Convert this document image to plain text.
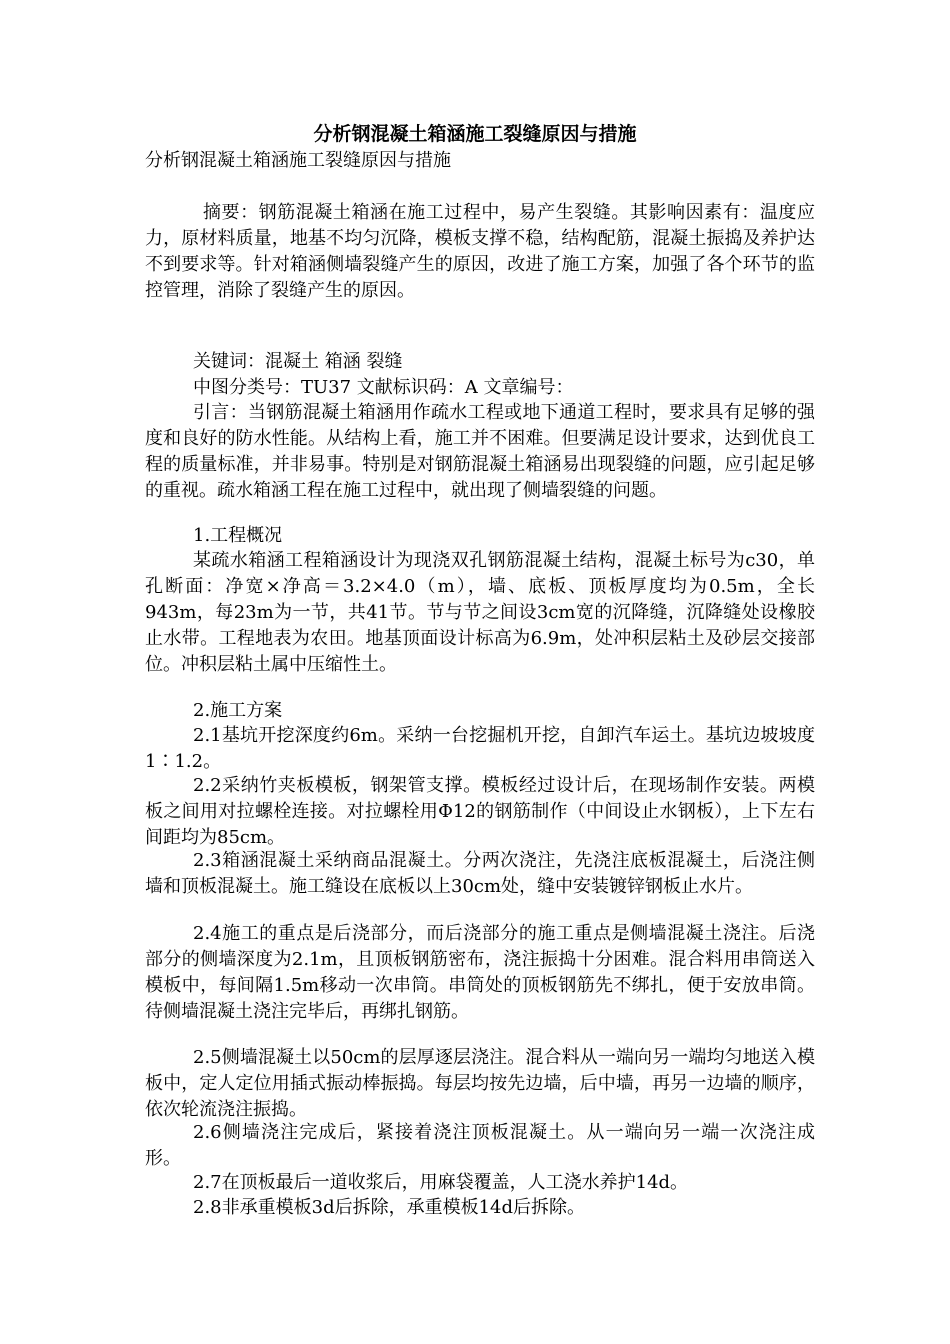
分析钢混凝土箱涵施工裂缝原因与措施

分析钢混凝土箱涵施工裂缝原因与措施

摘要：钢筋混凝土箱涵在施工过程中，易产生裂缝。其影响因素有：温度应力，原材料质量，地基不均匀沉降，模板支撑不稳，结构配筋，混凝土振捣及养护达不到要求等。针对箱涵侧墙裂缝产生的原因，改进了施工方案，加强了各个环节的监控管理，消除了裂缝产生的原因。

关键词：混凝土 箱涵 裂缝

中图分类号：TU37 文献标识码：A 文章编号：

引言：当钢筋混凝土箱涵用作疏水工程或地下通道工程时，要求具有足够的强度和良好的防水性能。从结构上看，施工并不困难。但要满足设计要求，达到优良工程的质量标准，并非易事。特别是对钢筋混凝土箱涵易出现裂缝的问题，应引起足够的重视。疏水箱涵工程在施工过程中，就出现了侧墙裂缝的问题。

1.工程概况

某疏水箱涵工程箱涵设计为现浇双孔钢筋混凝土结构，混凝土标号为c30，单孔断面：净宽×净高＝3.2×4.0（m），墙、底板、顶板厚度均为0.5m，全长943m，每23m为一节，共41节。节与节之间设3cm宽的沉降缝，沉降缝处设橡胶止水带。工程地表为农田。地基顶面设计标高为6.9m，处冲积层粘土及砂层交接部位。冲积层粘土属中压缩性土。

2.施工方案

2.1基坑开挖深度约6m。采纳一台挖掘机开挖，自卸汽车运土。基坑边坡坡度1∶1.2。

2.2采纳竹夹板模板，钢架管支撑。模板经过设计后，在现场制作安装。两模板之间用对拉螺栓连接。对拉螺栓用Φ12的钢筋制作（中间设止水钢板），上下左右间距均为85cm。

2.3箱涵混凝土采纳商品混凝土。分两次浇注，先浇注底板混凝土，后浇注侧墙和顶板混凝土。施工缝设在底板以上30cm处，缝中安装镀锌钢板止水片。

2.4施工的重点是后浇部分，而后浇部分的施工重点是侧墙混凝土浇注。后浇部分的侧墙深度为2.1m，且顶板钢筋密布，浇注振捣十分困难。混合料用串筒送入模板中，每间隔1.5m移动一次串筒。串筒处的顶板钢筋先不绑扎，便于安放串筒。待侧墙混凝土浇注完毕后，再绑扎钢筋。

2.5侧墙混凝土以50cm的层厚逐层浇注。混合料从一端向另一端均匀地送入模板中，定人定位用插式振动棒振捣。每层均按先边墙，后中墙，再另一边墙的顺序，依次轮流浇注振捣。

2.6侧墙浇注完成后，紧接着浇注顶板混凝土。从一端向另一端一次浇注成形。

2.7在顶板最后一道收浆后，用麻袋覆盖，人工浇水养护14d。

2.8非承重模板3d后拆除，承重模板14d后拆除。
